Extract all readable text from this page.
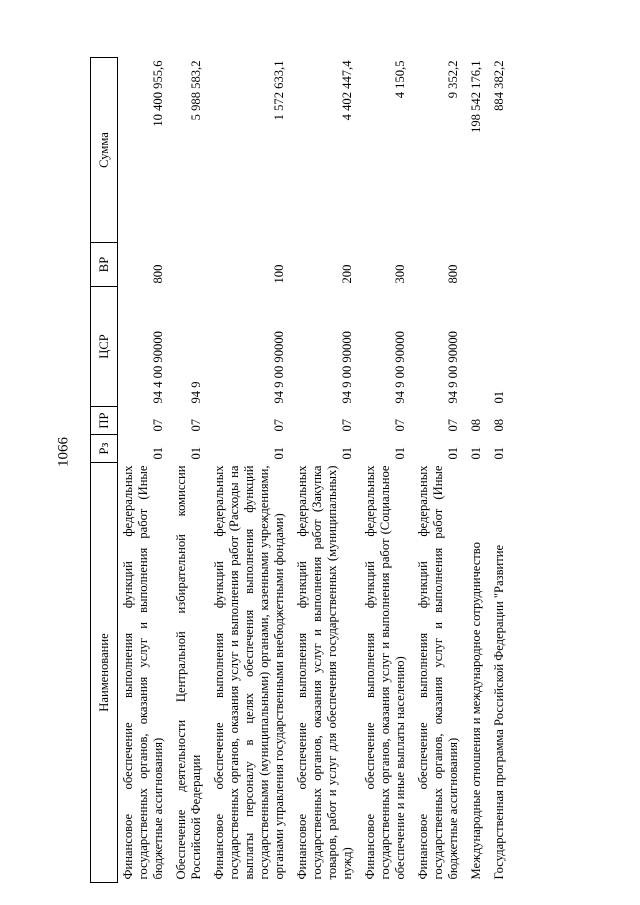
1066
Наименование	Рз	ПР	ЦСР	ВР	Сумма
Финансовое обеспечение выполнения функций федеральных государственных органов, оказания услуг и выполнения работ (Иные бюджетные ассигнования)	01	07	94 4 00 90000	800	10 400 955,6
Обеспечение деятельности Центральной избирательной комиссии Российской Федерации	01	07	94 9		5 988 583,2
Финансовое обеспечение выполнения функций федеральных государственных органов, оказания услуг и выполнения работ (Расходы на выплаты персоналу в целях обеспечения выполнения функций государственными (муниципальными) органами, казенными учреждениями, органами управления государственными внебюджетными фондами)	01	07	94 9 00 90000	100	1 572 633,1
Финансовое обеспечение выполнения функций федеральных государственных органов, оказания услуг и выполнения работ (Закупка товаров, работ и услуг для обеспечения государственных (муниципальных) нужд)	01	07	94 9 00 90000	200	4 402 447,4
Финансовое обеспечение выполнения функций федеральных государственных органов, оказания услуг и выполнения работ (Социальное обеспечение и иные выплаты населению)	01	07	94 9 00 90000	300	4 150,5
Финансовое обеспечение выполнения функций федеральных государственных органов, оказания услуг и выполнения работ (Иные бюджетные ассигнования)	01	07	94 9 00 90000	800	9 352,2
Международные отношения и международное сотрудничество	01	08			198 542 176,1
Государственная программа Российской Федерации "Развитие	01	08	01		884 382,2
